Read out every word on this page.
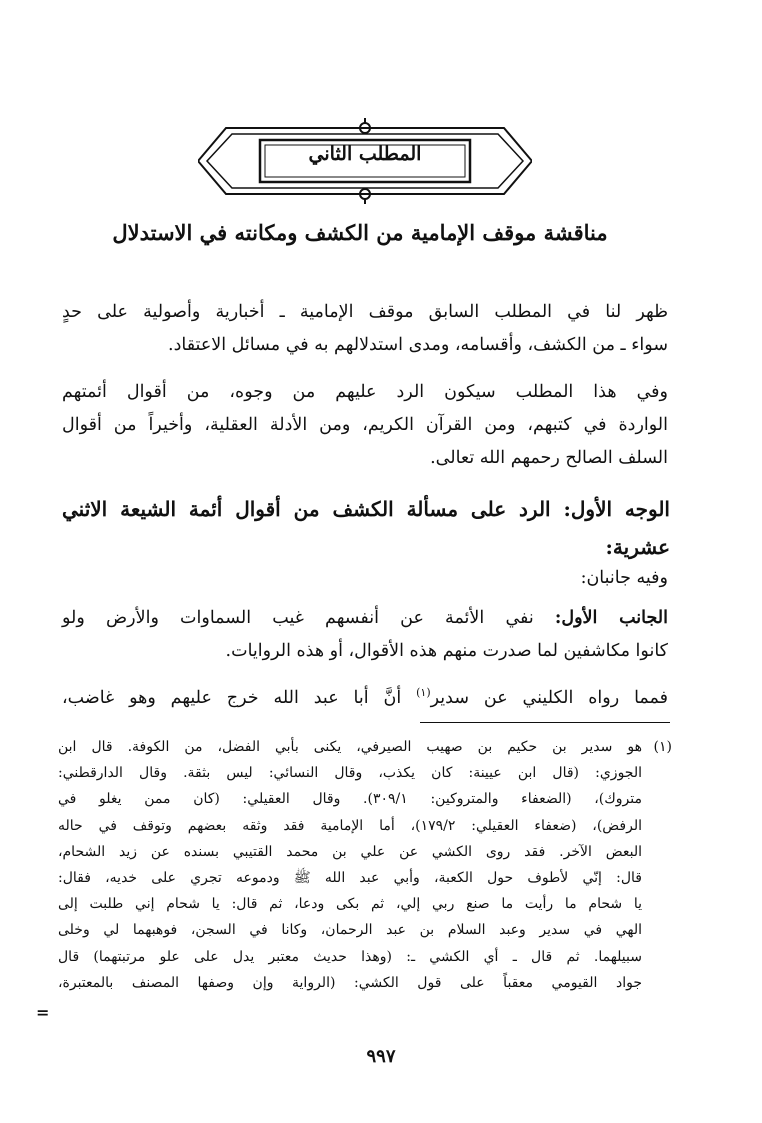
المطلب الثاني
مناقشة موقف الإمامية من الكشف ومكانته في الاستدلال
ظهر لنا في المطلب السابق موقف الإمامية ـ أخبارية وأصولية على حدٍ
سواء ـ من الكشف، وأقسامه، ومدى استدلالهم به في مسائل الاعتقاد.
وفي هذا المطلب سيكون الرد عليهم من وجوه، من أقوال أئمتهم
الواردة في كتبهم، ومن القرآن الكريم، ومن الأدلة العقلية، وأخيراً من أقوال
السلف الصالح رحمهم الله تعالى.
الوجه الأول: الرد على مسألة الكشف من أقوال أئمة الشيعة الاثني
عشرية:
وفيه جانبان:
الجانب الأول: نفي الأئمة عن أنفسهم غيب السماوات والأرض ولو
كانوا مكاشفين لما صدرت منهم هذه الأقوال، أو هذه الروايات.
فمما رواه الكليني عن سدير$^{(١)}$ أنَّ أبا عبد الله خرج عليهم وهو غاضب،
(١)هو سدير بن حكيم بن صهيب الصيرفي، يكنى بأبي الفضل، من الكوفة. قال ابن
الجوزي: (قال ابن عيينة: كان يكذب، وقال النسائي: ليس بثقة. وقال الدارقطني:
متروك)، (الضعفاء والمتروكين: ٣٠٩/١). وقال العقيلي: (كان ممن يغلو في
الرفض)، (ضعفاء العقيلي: ١٧٩/٢)، أما الإمامية فقد وثقه بعضهم وتوقف في حاله
البعض الآخر. فقد روى الكشي عن علي بن محمد القتيبي بسنده عن زيد الشحام،
قال: إنّي لأطوف حول الكعبة، وأبي عبد الله ﷺ ودموعه تجري على خديه، فقال:
يا شحام ما رأيت ما صنع ربي إلي، ثم بكى ودعا، ثم قال: يا شحام إني طلبت إلى
الهي في سدير وعبد السلام بن عبد الرحمان، وكانا في السجن، فوهبهما لي وخلى
سبيلهما. ثم قال ـ أي الكشي ـ: (وهذا حديث معتبر يدل على علو مرتبتهما) قال
جواد القيومي معقباً على قول الكشي: (الرواية وإن وصفها المصنف بالمعتبرة،
=
٩٩٧
